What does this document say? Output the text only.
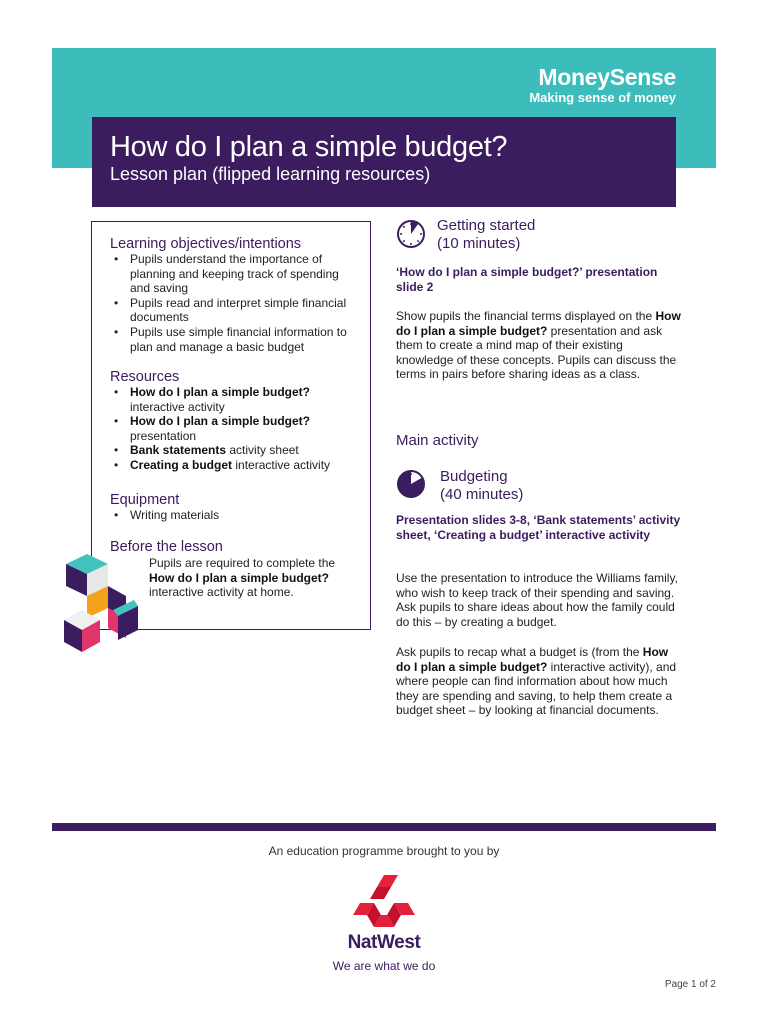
MoneySense
Making sense of money
How do I plan a simple budget?
Lesson plan (flipped learning resources)
Learning objectives/intentions
• Pupils understand the importance of planning and keeping track of spending and saving
• Pupils read and interpret simple financial documents
• Pupils use simple financial information to plan and manage a basic budget
Resources
• How do I plan a simple budget?
interactive activity
• How do I plan a simple budget?
presentation
• Bank statements activity sheet
• Creating a budget interactive activity
Equipment
• Writing materials
Before the lesson
Pupils are required to complete the
How do I plan a simple budget?
interactive activity at home.
Getting started
(10 minutes)
‘How do I plan a simple budget?’ presentation slide 2
Show pupils the financial terms displayed on the How do I plan a simple budget? presentation and ask them to create a mind map of their existing knowledge of these concepts. Pupils can discuss the terms in pairs before sharing ideas as a class.
Main activity
Budgeting
(40 minutes)
Presentation slides 3-8, ‘Bank statements’ activity sheet, ‘Creating a budget’ interactive activity
Use the presentation to introduce the Williams family, who wish to keep track of their spending and saving. Ask pupils to share ideas about how the family could do this – by creating a budget.
Ask pupils to recap what a budget is (from the How do I plan a simple budget? interactive activity), and where people can find information about how much they are spending and saving, to help them create a budget sheet – by looking at financial documents.
An education programme brought to you by
NatWest
We are what we do
Page 1 of 2
